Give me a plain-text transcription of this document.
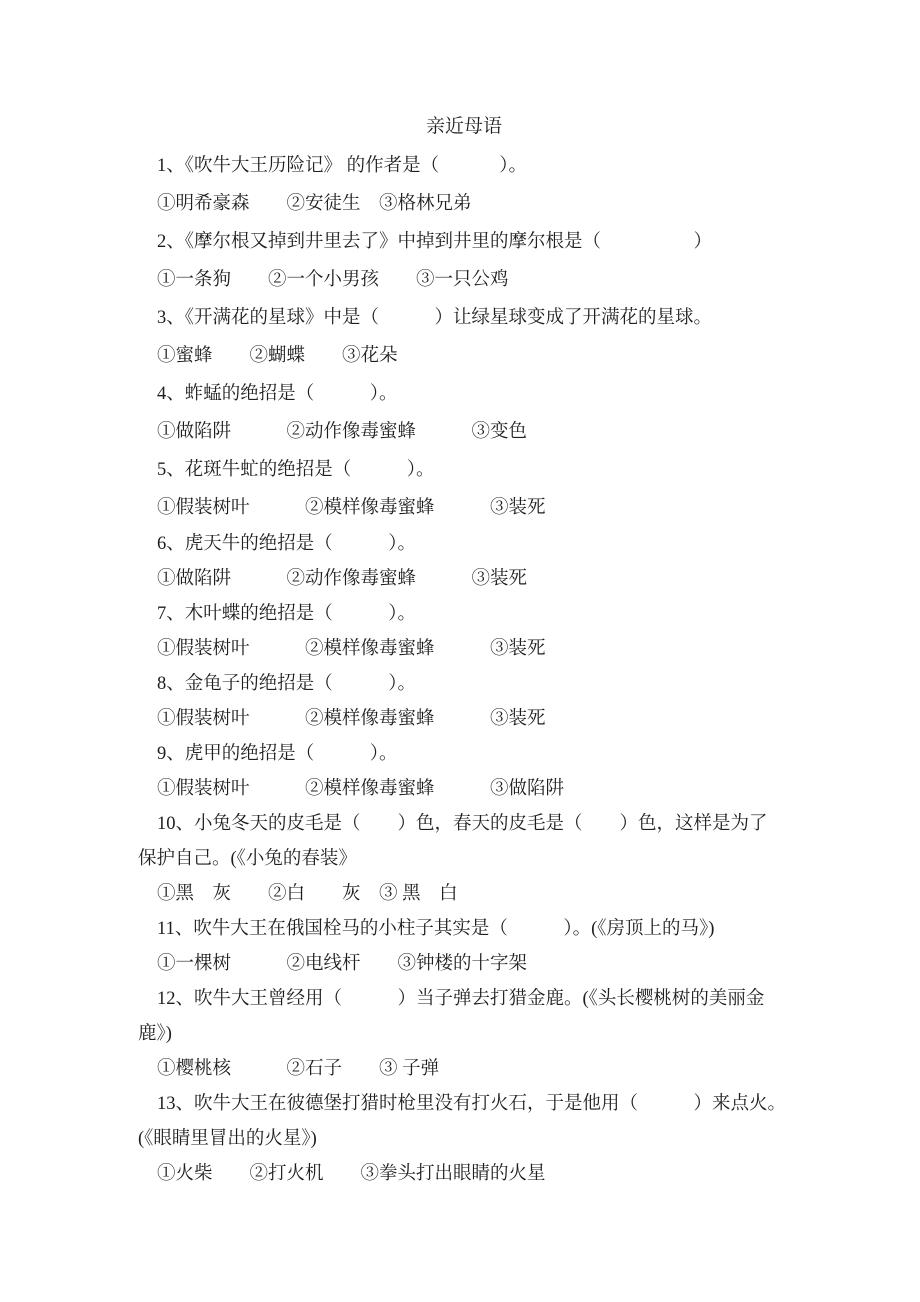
亲近母语
1、《吹牛大王历险记》 的作者是（　　　 ）。
①明希豪森　　②安徒生　③格林兄弟
2、《摩尔根又掉到井里去了》中掉到井里的摩尔根是（　　　　　）
①一条狗　　②一个小男孩　　③一只公鸡
3、《开满花的星球》中是（　　　）让绿星球变成了开满花的星球。
①蜜蜂　　②蝴蝶　　③花朵
4、蚱蜢的绝招是（　　　）。
①做陷阱　　　②动作像毒蜜蜂　　　③变色
5、花斑牛虻的绝招是（　　　）。
①假装树叶　　　②模样像毒蜜蜂　　　③装死
6、虎天牛的绝招是（　　　）。
①做陷阱　　　②动作像毒蜜蜂　　　③装死
7、木叶蝶的绝招是（　　　）。
①假装树叶　　　②模样像毒蜜蜂　　　③装死
8、金龟子的绝招是（　　　）。
①假装树叶　　　②模样像毒蜜蜂　　　③装死
9、虎甲的绝招是（　　　）。
①假装树叶　　　②模样像毒蜜蜂　　　③做陷阱
10、小兔冬天的皮毛是（　　）色，春天的皮毛是（　　）色，这样是为了
保护自己。(《小兔的春装》
①黑　灰　　②白　　灰　③ 黑　白
11、吹牛大王在俄国栓马的小柱子其实是（　　　）。(《房顶上的马》)
①一棵树　　　②电线杆　　③钟楼的十字架
12、吹牛大王曾经用（　　　）当子弹去打猎金鹿。(《头长樱桃树的美丽金
鹿》)
①樱桃核　　　②石子　　③ 子弹
13、吹牛大王在彼德堡打猎时枪里没有打火石，于是他用（　　　）来点火。
(《眼睛里冒出的火星》)
①火柴　　②打火机　　③拳头打出眼睛的火星
